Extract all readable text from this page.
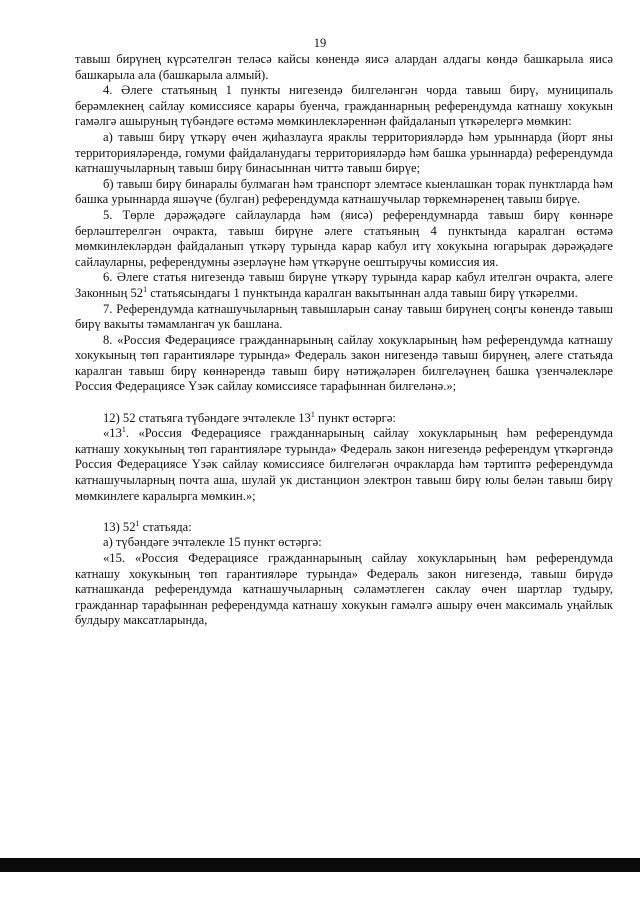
19

тавыш бирүнең күрсәтелгән теләсә кайсы көнендә яисә алардан алдагы көндә башкарыла яисә башкарыла ала (башкарыла алмый).

4. Әлеге статьяның 1 пункты нигезендә билгеләнгән чорда тавыш бирү, муниципаль берәмлекнең сайлау комиссиясе карары буенча, гражданнарның референдумда катнашу хокукын гамәлгә ашыруның түбәндәге өстәмә мөмкинлекләреннән файдаланып үткәрелергә мөмкин:

а) тавыш бирү үткәрү өчен җиһазлауга яраклы территорияләрдә һәм урыннарда (йорт яны территорияләрендә, гомуми файдаланудагы территорияләрдә һәм башка урыннарда) референдумда катнашучыларның тавыш бирү бинасыннан читтә тавыш бирүе;

б) тавыш бирү бинаралы булмаган һәм транспорт элемтәсе кыенлашкан торак пунктларда һәм башка урыннарда яшәүче (булган) референдумда катнашучылар төркемнәренең тавыш бирүе.

5. Төрле дәрәҗәдәге сайлауларда һәм (яисә) референдумнарда тавыш бирү көннәре берләштерелгән очракта, тавыш бирүне әлеге статьяның 4 пунктында каралган өстәмә мөмкинлекләрдән файдаланып үткәрү турында карар кабул итү хокукына югарырак дәрәҗәдәге сайлауларны, референдумны әзерләүне һәм үткәрүне оештыручы комиссия ия.

6. Әлеге статья нигезендә тавыш бирүне үткәрү турында карар кабул ителгән очракта, әлеге Законның $52^1$ статьясындагы 1 пунктында каралган вакытыннан алда тавыш бирү үткәрелми.

7. Референдумда катнашучыларның тавышларын санау тавыш бирүнең соңгы көнендә тавыш бирү вакыты тәмамлангач ук башлана.

8. «Россия Федерациясе гражданнарының сайлау хокукларының һәм референдумда катнашу хокукының төп гарантияләре турында» Федераль закон нигезендә тавыш бирүнең, әлеге статьяда каралган тавыш бирү көннәрендә тавыш бирү нәтиҗәләрен билгеләүнең башка үзенчәлекләре Россия Федерациясе Үзәк сайлау комиссиясе тарафыннан билгеләнә.»;

12) 52 статьяга түбәндәге эчтәлекле $13^1$ пункт өстәргә:

«$13^1$. «Россия Федерациясе гражданнарының сайлау хокукларының һәм референдумда катнашу хокукының төп гарантияләре турында» Федераль закон нигезендә референдум үткәргәндә Россия Федерациясе Үзәк сайлау комиссиясе билгеләгән очракларда һәм тәртиптә референдумда катнашучыларның почта аша, шулай ук дистанцион электрон тавыш бирү юлы белән тавыш бирү мөмкинлеге каралырга мөмкин.»;

13) $52^1$ статьяда:

а) түбәндәге эчтәлекле 15 пункт өстәргә:

«15. «Россия Федерациясе гражданнарының сайлау хокукларының һәм референдумда катнашу хокукының төп гарантияләре турында» Федераль закон нигезендә, тавыш бирүдә катнашканда референдумда катнашучыларның сәламәтлеген саклау өчен шартлар тудыру, гражданнар тарафыннан референдумда катнашу хокукын гамәлгә ашыру өчен максималь уңайлык булдыру максатларында,
